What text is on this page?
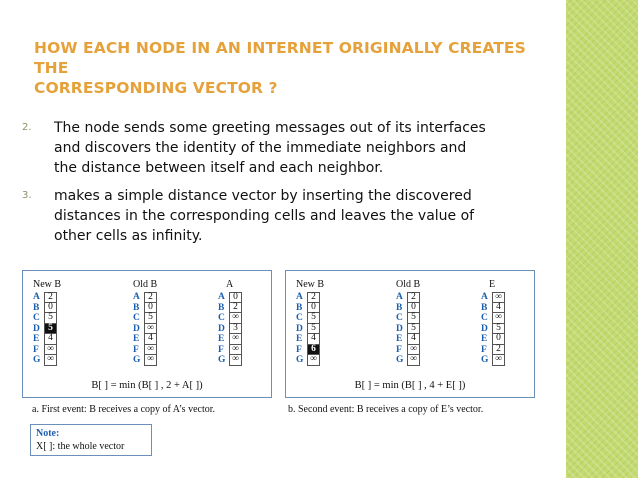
HOW EACH NODE IN AN INTERNET ORIGINALLY CREATES THE
CORRESPONDING VECTOR ?
2. The node sends some greeting messages out of its interfaces
and discovers the identity of the immediate neighbors and
the distance between itself and each neighbor.
3. makes a simple distance vector by inserting the discovered
distances in the corresponding cells and leaves the value of
other cells as infinity.
B[ ] = min (B[ ] , 2 + A[ ])
New B
A 2
B 0
C 5
D 5
E 4
F ∞
G ∞
Old B
A 2
B 0
C 5
D ∞
E 4
F ∞
G ∞
A
A 0
B 2
C ∞
D 3
E ∞
F ∞
G ∞
B[ ] = min (B[ ] , 4 + E[ ])
New B
A 2
B 0
C 5
D 5
E 4
F 6
G ∞
Old B
A 2
B 0
C 5
D 5
E 4
F ∞
G ∞
E
A ∞
B 4
C ∞
D 5
E 0
F 2
G ∞
a. First event: B receives a copy of A’s vector.	b. Second event: B receives a copy of E’s vector.
Note:
X[ ]: the whole vector
